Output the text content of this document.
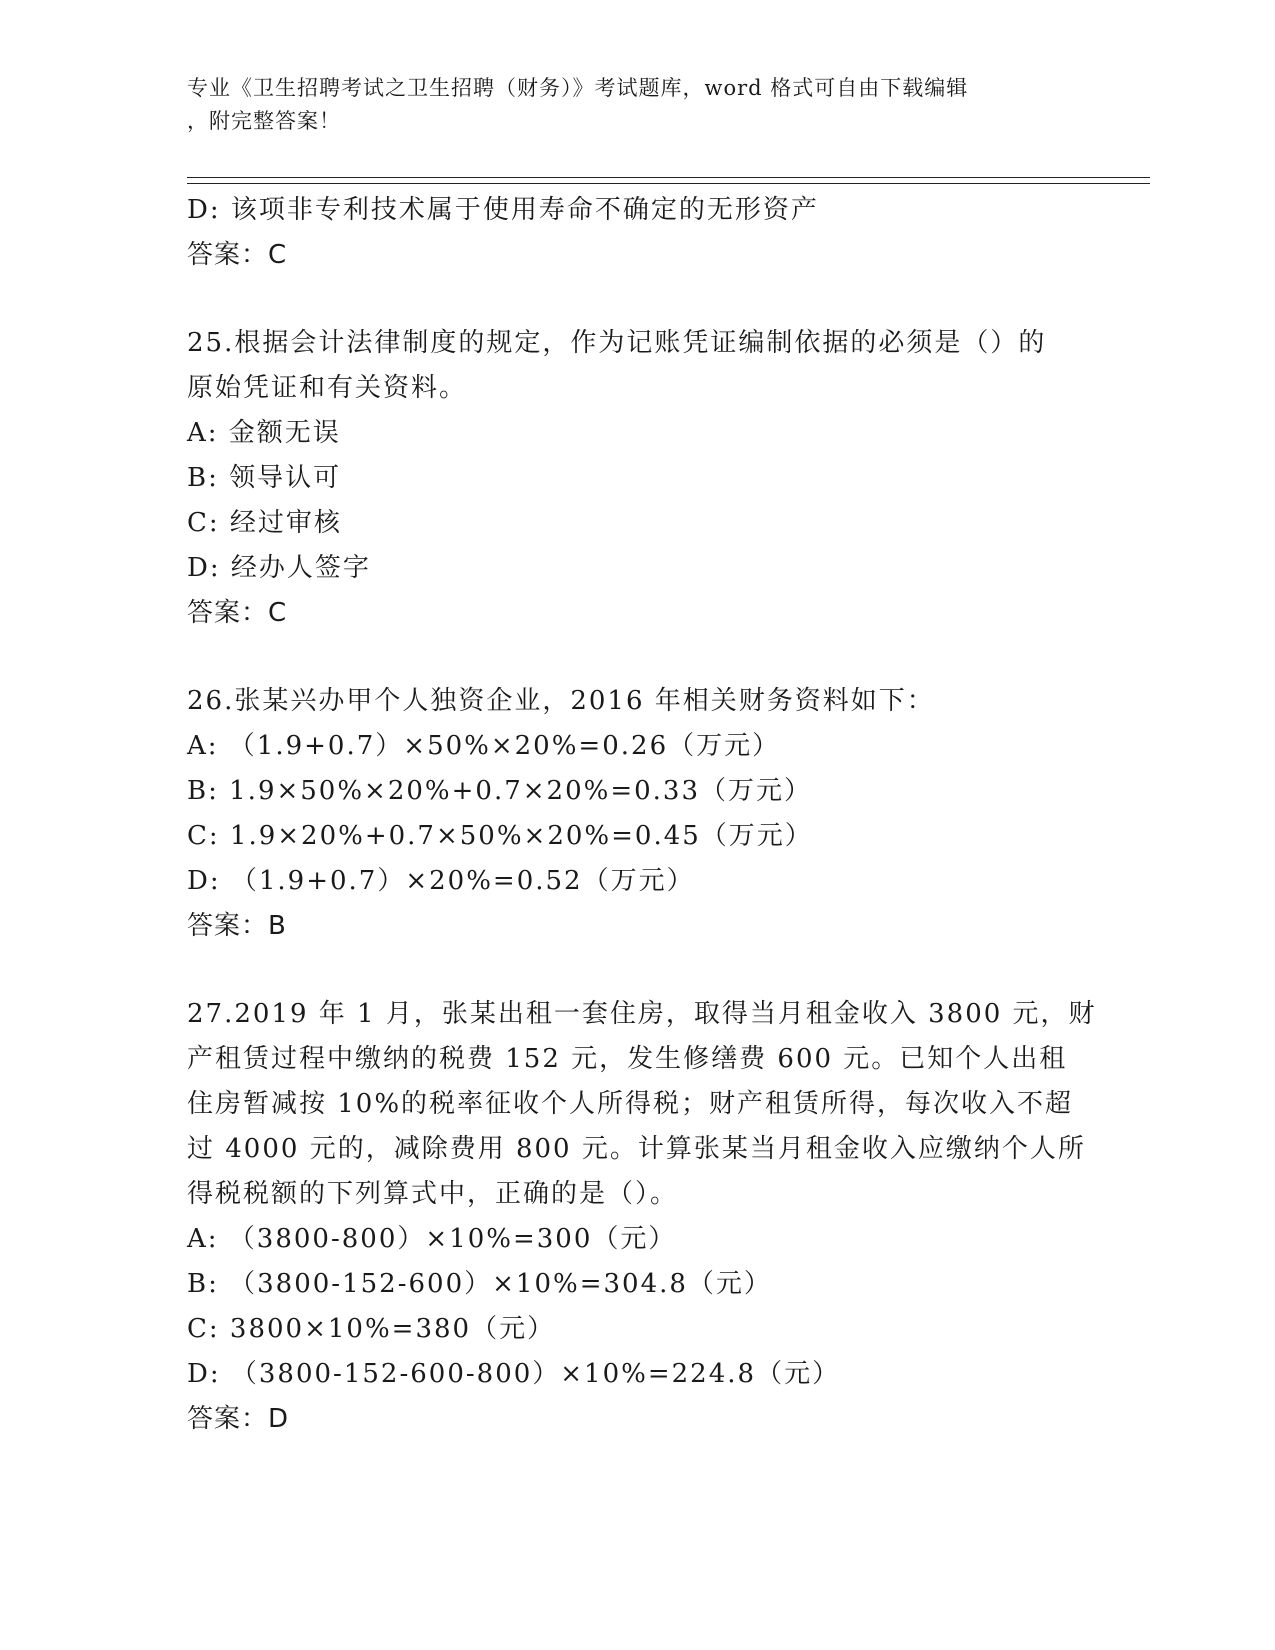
专业《卫生招聘考试之卫生招聘（财务）》考试题库，word 格式可自由下载编辑
，附完整答案！
D: 该项非专利技术属于使用寿命不确定的无形资产
答案：C
25.根据会计法律制度的规定，作为记账凭证编制依据的必须是（）的
原始凭证和有关资料。
A: 金额无误
B: 领导认可
C: 经过审核
D: 经办人签字
答案：C
26.张某兴办甲个人独资企业，2016 年相关财务资料如下：
A: （1.9+0.7）×50%×20%=0.26（万元）
B: 1.9×50%×20%+0.7×20%=0.33（万元）
C: 1.9×20%+0.7×50%×20%=0.45（万元）
D: （1.9+0.7）×20%=0.52（万元）
答案：B
27.2019 年 1 月，张某出租一套住房，取得当月租金收入 3800 元，财
产租赁过程中缴纳的税费 152 元，发生修缮费 600 元。已知个人出租
住房暂减按 10%的税率征收个人所得税；财产租赁所得，每次收入不超
过 4000 元的，减除费用 800 元。计算张某当月租金收入应缴纳个人所
得税税额的下列算式中，正确的是（）。
A: （3800-800）×10%=300（元）
B: （3800-152-600）×10%=304.8（元）
C: 3800×10%=380（元）
D: （3800-152-600-800）×10%=224.8（元）
答案：D
